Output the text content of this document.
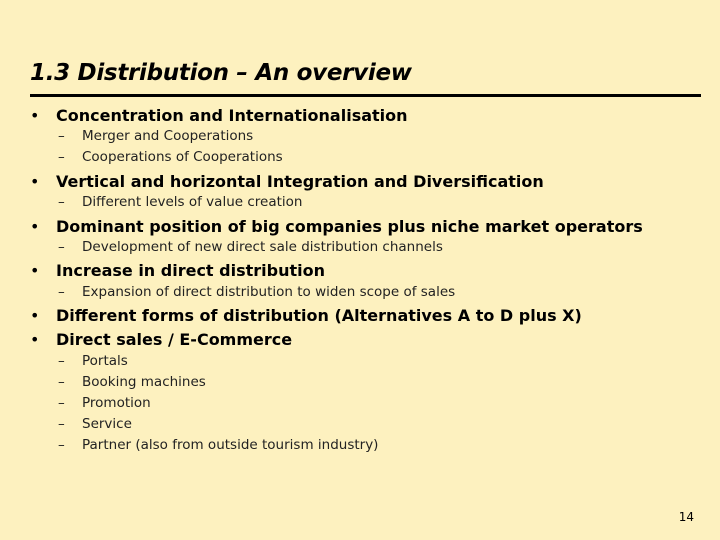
1.3 Distribution – An overview
• Concentration and Internationalisation
– Merger and Cooperations
– Cooperations of Cooperations
• Vertical and horizontal Integration and Diversification
– Different levels of value creation
• Dominant position of big companies plus niche market operators
– Development of new direct sale distribution channels
• Increase in direct distribution
– Expansion of direct distribution to widen scope of sales
• Different forms of distribution (Alternatives A to D plus X)
• Direct sales / E-Commerce
– Portals
– Booking machines
– Promotion
– Service
– Partner (also from outside tourism industry)
14
